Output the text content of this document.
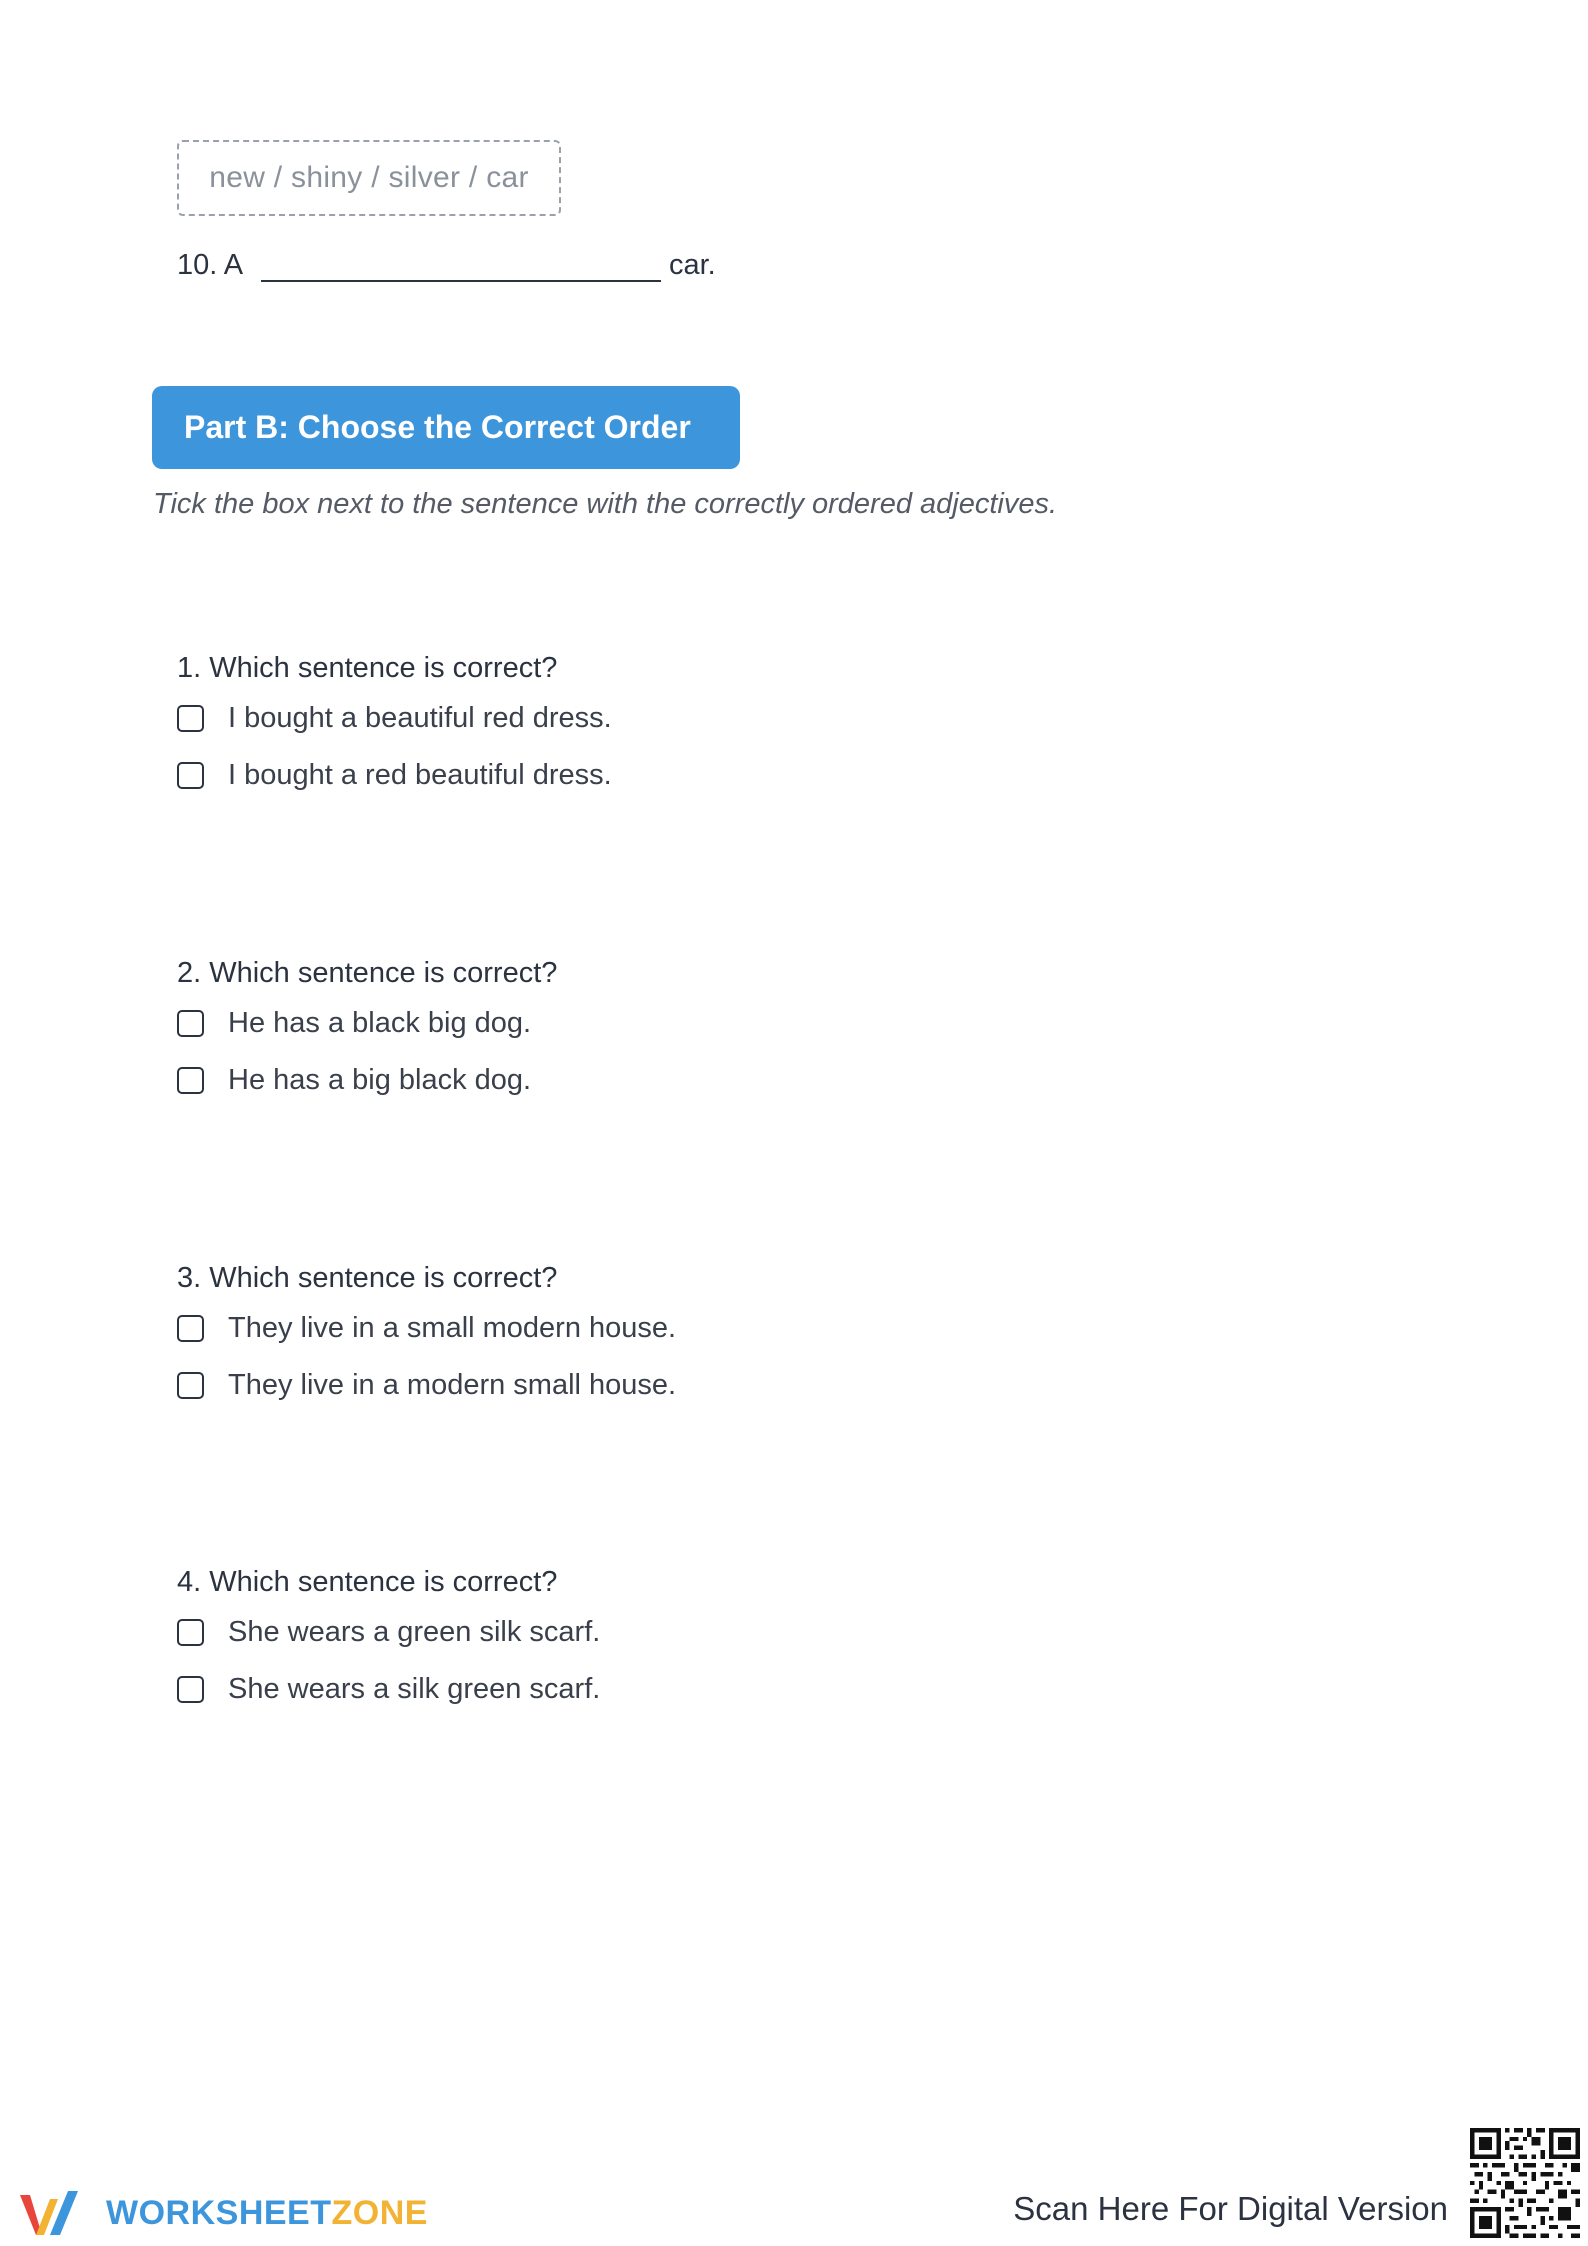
new / shiny / silver / car
10. A	car.
Part B: Choose the Correct Order
Tick the box next to the sentence with the correctly ordered adjectives.
1. Which sentence is correct?
I bought a beautiful red dress.
I bought a red beautiful dress.
2. Which sentence is correct?
He has a black big dog.
He has a big black dog.
3. Which sentence is correct?
They live in a small modern house.
They live in a modern small house.
4. Which sentence is correct?
She wears a green silk scarf.
She wears a silk green scarf.
WORKSHEETZONE	Scan Here For Digital Version
